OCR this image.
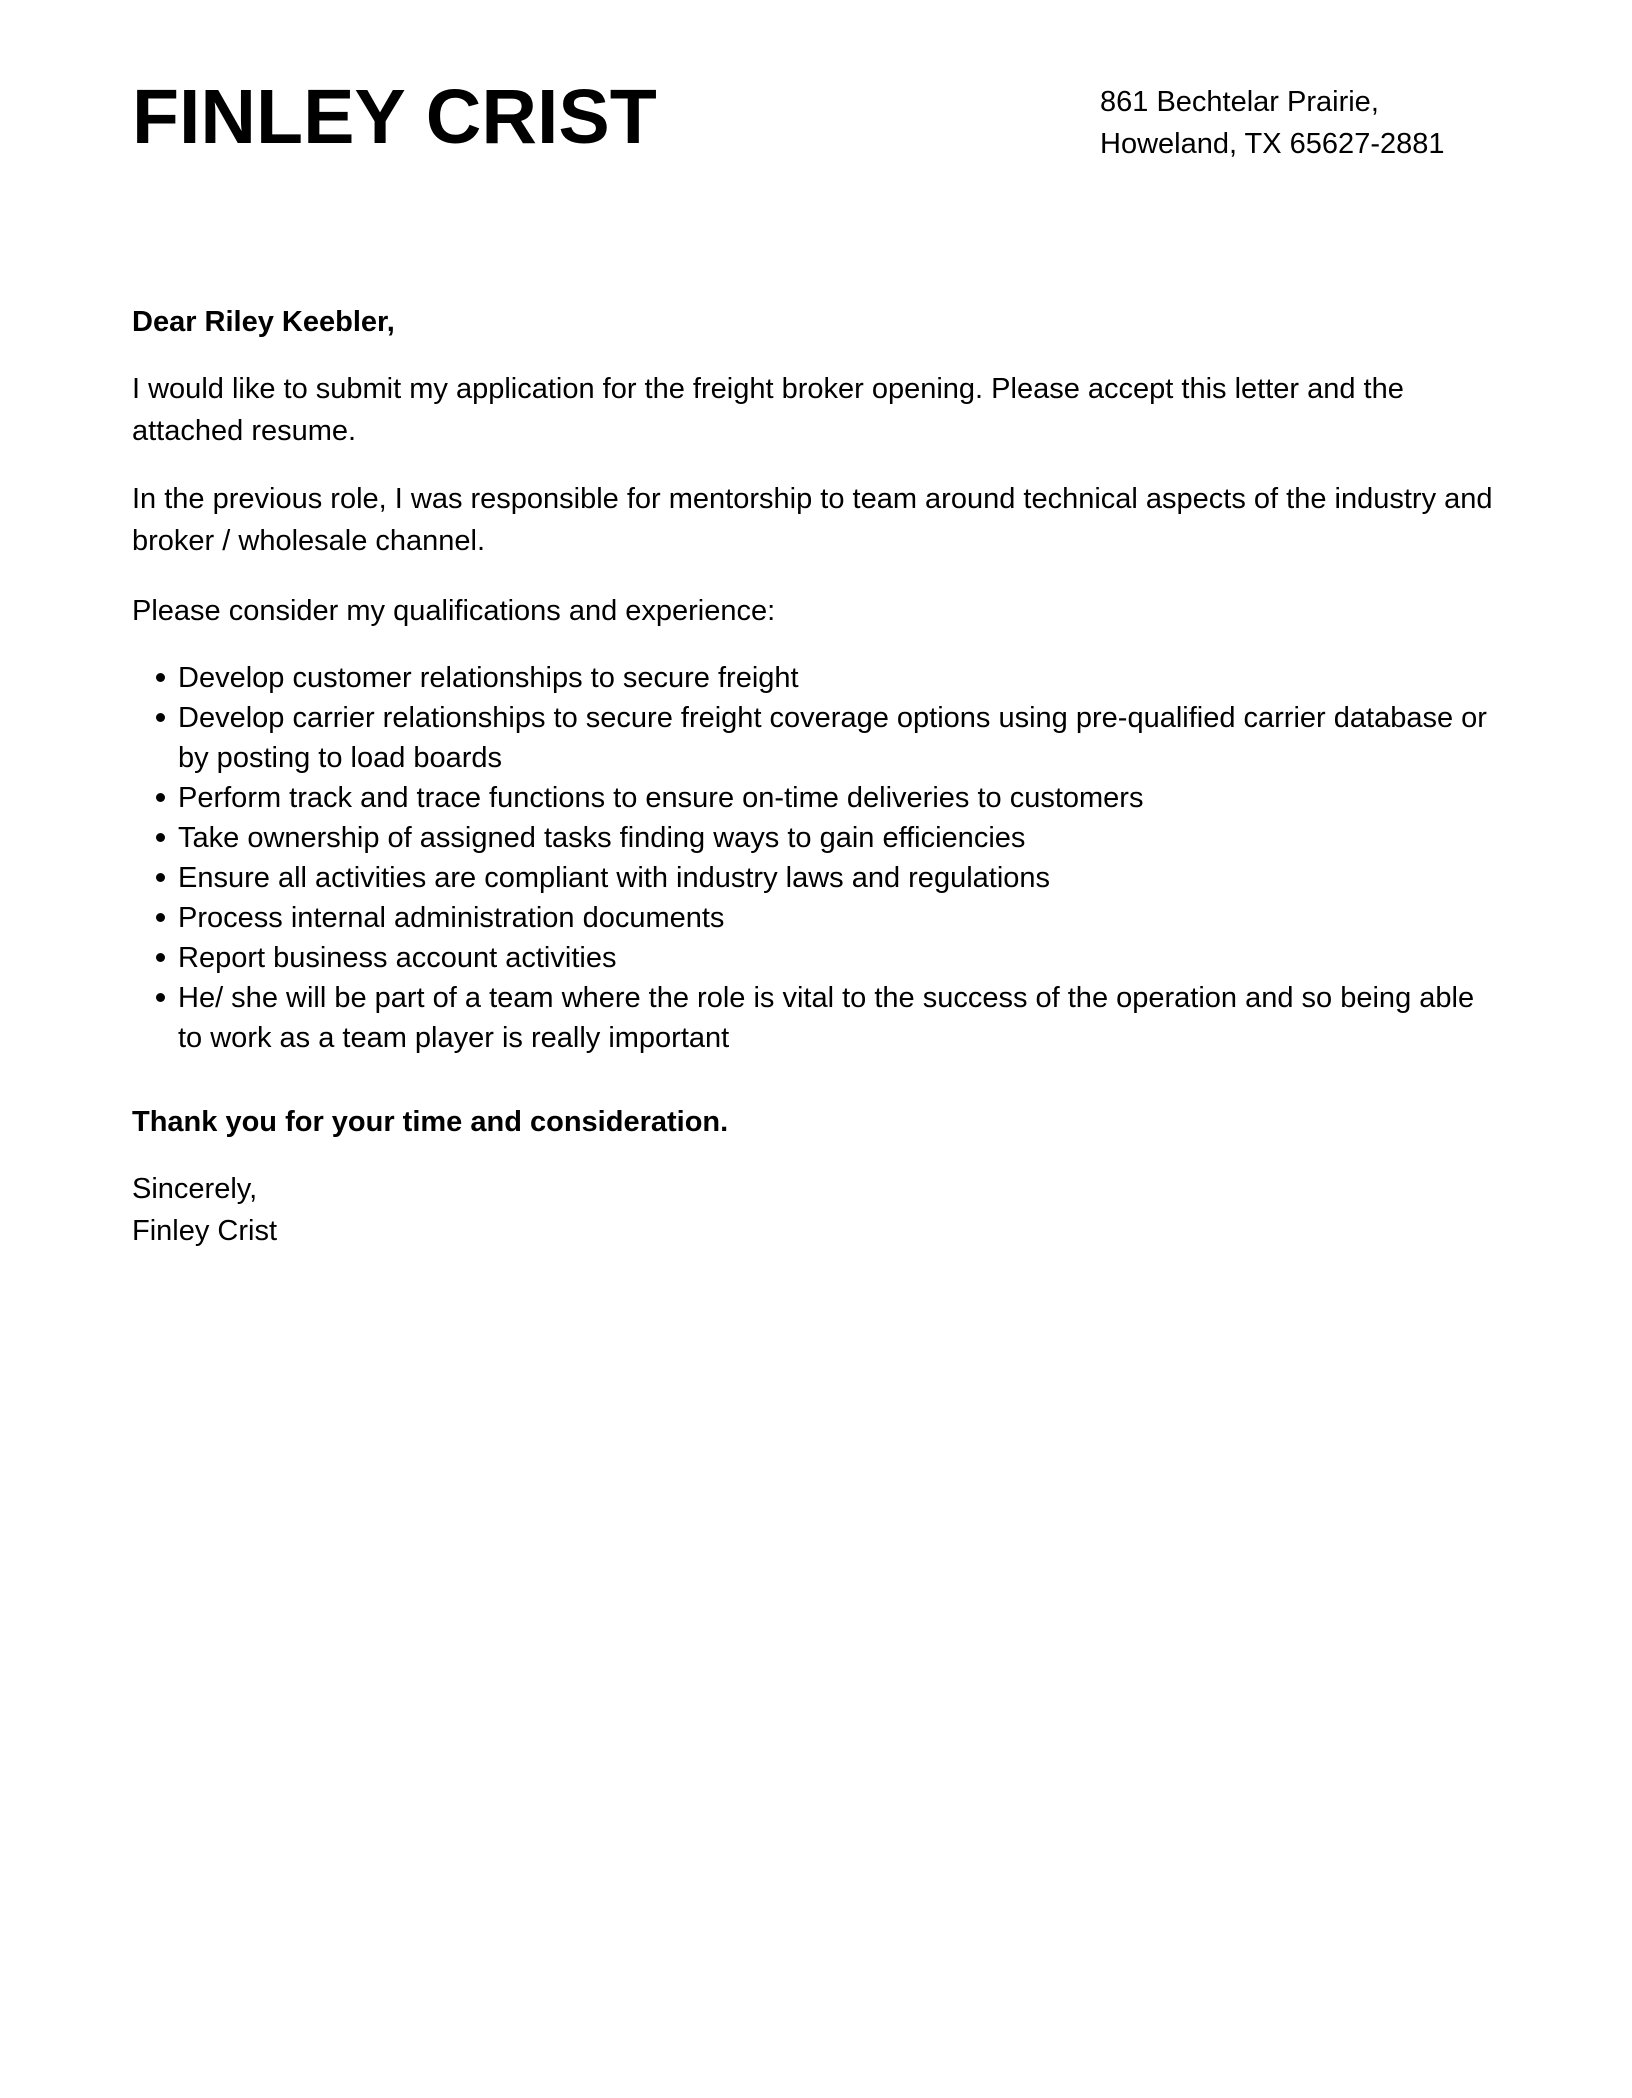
FINLEY CRIST	861 Bechtelar Prairie,
Howeland, TX 65627-2881

Dear Riley Keebler,

I would like to submit my application for the freight broker opening. Please accept this letter and the attached resume.

In the previous role, I was responsible for mentorship to team around technical aspects of the industry and broker / wholesale channel.

Please consider my qualifications and experience:

Develop customer relationships to secure freight
Develop carrier relationships to secure freight coverage options using pre-qualified carrier database or by posting to load boards
Perform track and trace functions to ensure on-time deliveries to customers
Take ownership of assigned tasks finding ways to gain efficiencies
Ensure all activities are compliant with industry laws and regulations
Process internal administration documents
Report business account activities
He/ she will be part of a team where the role is vital to the success of the operation and so being able to work as a team player is really important

Thank you for your time and consideration.

Sincerely,

Finley Crist
